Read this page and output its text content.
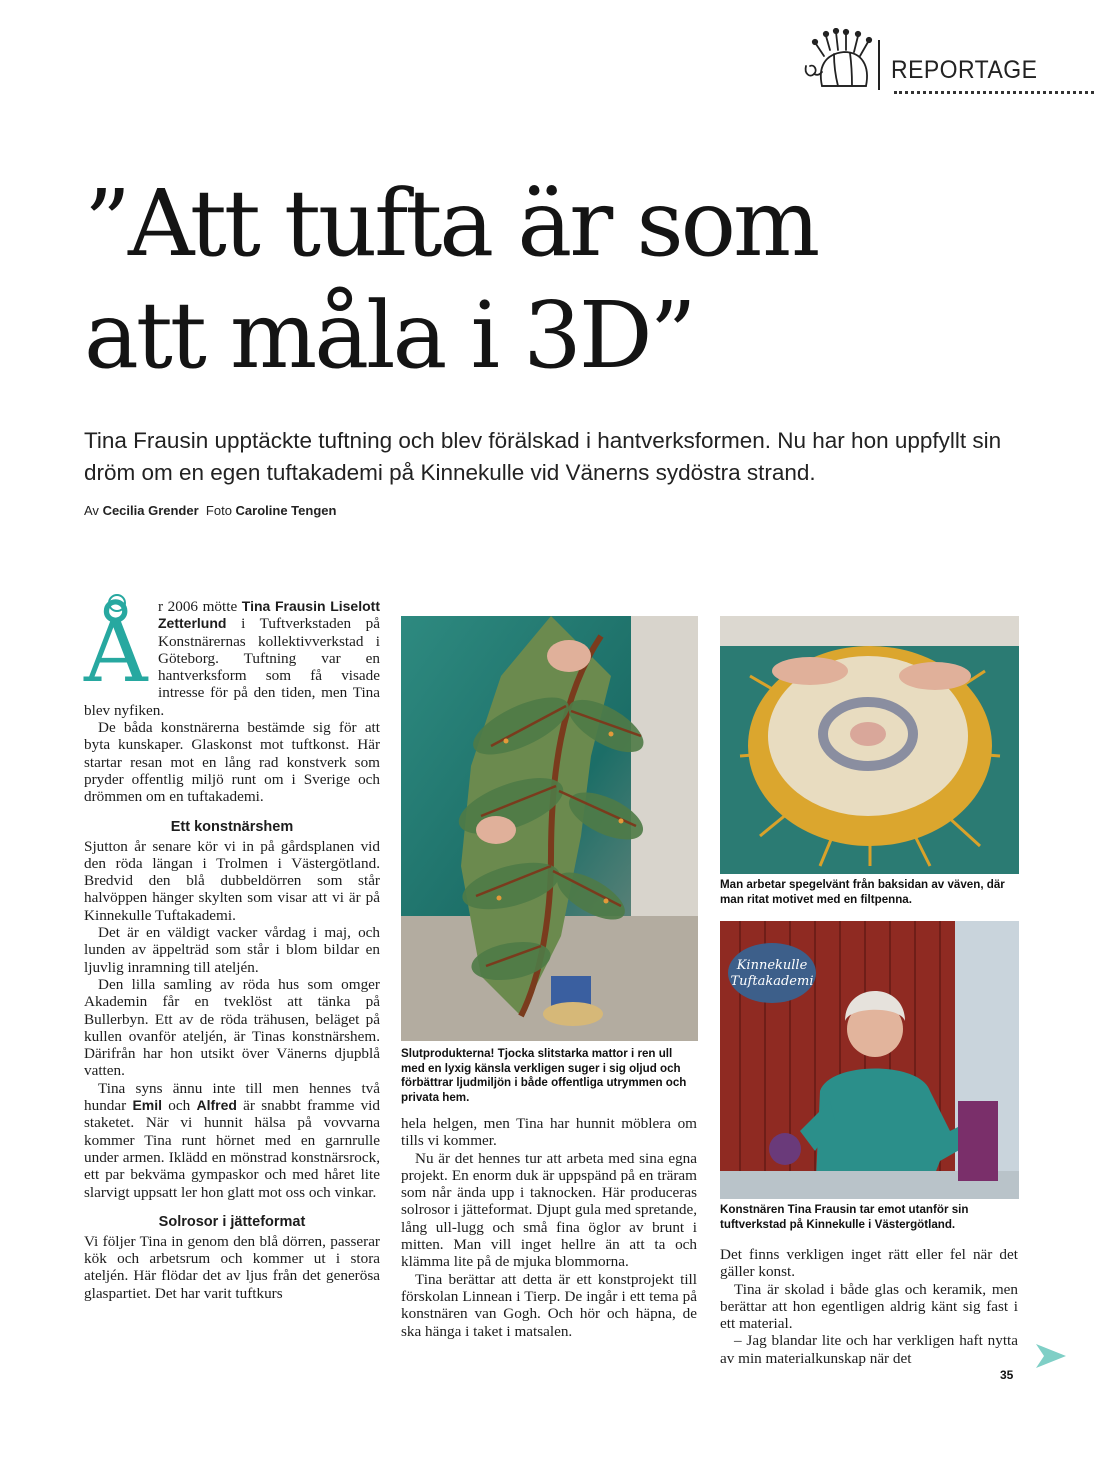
REPORTAGE
”Att tufta är som
att måla i 3D”

Tina Frausin upptäckte tuftning och blev förälskad i hantverksformen. Nu har hon uppfyllt sin dröm om en egen tuftakademi på Kinnekulle vid Vänerns sydöstra strand.

Av Cecilia Grender Foto Caroline Tengen

Å r 2006 mötte Tina Frausin Liselott Zetterlund i Tuftverkstaden på Konstnärernas kollektivverkstad i Göteborg. Tuftning var en hantverksform som få visade intresse för på den tiden, men Tina blev nyfiken.

De båda konstnärerna bestämde sig för att byta kunskaper. Glaskonst mot tuftkonst. Här startar resan mot en lång rad konstverk som pryder offentlig miljö runt om i Sverige och drömmen om en tuftakademi.

Ett konstnärshem

Sjutton år senare kör vi in på gårdsplanen vid den röda längan i Trolmen i Västergötland. Bredvid den blå dubbeldörren som står halvöppen hänger skylten som visar att vi är på Kinnekulle Tuftakademi.

Det är en väldigt vacker vårdag i maj, och lunden av äppelträd som står i blom bildar en ljuvlig inramning till ateljén.

Den lilla samling av röda hus som omger Akademin får en tveklöst att tänka på Bullerbyn. Ett av de röda trähusen, beläget på kullen ovanför ateljén, är Tinas konstnärshem. Därifrån har hon utsikt över Vänerns djupblå vatten.

Tina syns ännu inte till men hennes två hundar Emil och Alfred är snabbt framme vid staketet. När vi hunnit hälsa på vovvarna kommer Tina runt hörnet med en garnrulle under armen. Iklädd en mönstrad konstnärsrock, ett par bekväma gympaskor och med håret lite slarvigt uppsatt ler hon glatt mot oss och vinkar.

Solrosor i jätteformat

Vi följer Tina in genom den blå dörren, passerar kök och arbetsrum och kommer ut i stora ateljén. Här flödar det av ljus från det generösa glaspartiet. Det har varit tuftkurs

Slutprodukterna! Tjocka slitstarka mattor i ren ull med en lyxig känsla verkligen suger i sig oljud och förbättrar ljudmiljön i både offentliga utrymmen och privata hem.

hela helgen, men Tina har hunnit möblera om tills vi kommer.

Nu är det hennes tur att arbeta med sina egna projekt. En enorm duk är uppspänd på en träram som når ända upp i taknocken. Här produceras solrosor i jätteformat. Djupt gula med spretande, lång ull-lugg och små fina öglor av brunt i mitten. Man vill inget hellre än att ta och klämma lite på de mjuka blommorna.

Tina berättar att detta är ett konstprojekt till förskolan Linnean i Tierp. De ingår i ett tema på konstnären van Gogh. Och hör och häpna, de ska hänga i taket i matsalen.

Man arbetar spegelvänt från baksidan av väven, där man ritat motivet med en filtpenna.
Kinnekulle
Tuftakademi
Konstnären Tina Frausin tar emot utanför sin tuftverkstad på Kinnekulle i Västergötland.

Det finns verkligen inget rätt eller fel när det gäller konst.

Tina är skolad i både glas och keramik, men berättar att hon egentligen aldrig känt sig fast i ett material.

– Jag blandar lite och har verkligen haft nytta av min materialkunskap när det

35
